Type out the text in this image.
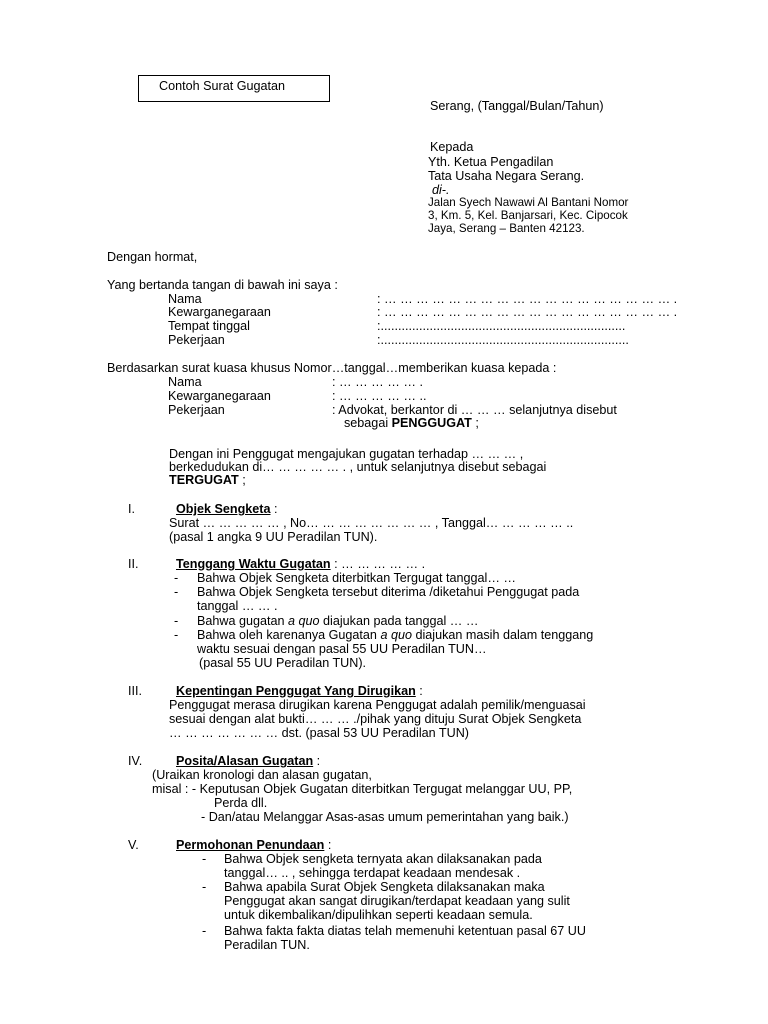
Contoh Surat Gugatan
Serang, (Tanggal/Bulan/Tahun)
Kepada
Yth. Ketua Pengadilan
Tata Usaha Negara Serang.
di-.
Jalan Syech Nawawi Al Bantani Nomor
3, Km. 5, Kel. Banjarsari, Kec. Cipocok
Jaya, Serang – Banten 42123.
Dengan hormat,
Yang bertanda tangan di bawah ini saya :
Nama	: … … … … … … … … … … … … … … … … … … .
Kewarganegaraan	: … … … … … … … … … … … … … … … … … … .
Tempat tinggal	:......................................................................
Pekerjaan	:.......................................................................
Berdasarkan surat kuasa khusus Nomor…tanggal…memberikan kuasa kepada :
Nama	: … … … … … .
Kewarganegaraan	: … … … … … ..
Pekerjaan	: Advokat, berkantor di … … … selanjutnya disebut
sebagai PENGGUGAT ;
Dengan ini Penggugat mengajukan gugatan terhadap … … … ,
berkedudukan di… … … … … . , untuk selanjutnya disebut sebagai
TERGUGAT ;
I.	Objek Sengketa :
Surat … … … … … , No… … … … … … … … , Tanggal… … … … … ..
(pasal 1 angka 9 UU Peradilan TUN).
II.	Tenggang Waktu Gugatan : … … … … … .
- Bahwa Objek Sengketa diterbitkan Tergugat tanggal… …
- Bahwa Objek Sengketa tersebut diterima /diketahui Penggugat pada
tanggal … … .
- Bahwa gugatan a quo diajukan pada tanggal … …
- Bahwa oleh karenanya Gugatan a quo diajukan masih dalam tenggang
waktu sesuai dengan pasal 55 UU Peradilan TUN…
(pasal 55 UU Peradilan TUN).
III.	Kepentingan Penggugat Yang Dirugikan :
Penggugat merasa dirugikan karena Penggugat adalah pemilik/menguasai
sesuai dengan alat bukti… … … ./pihak yang dituju Surat Objek Sengketa
… … … … … … … dst. (pasal 53 UU Peradilan TUN)
IV.	Posita/Alasan Gugatan :
(Uraikan kronologi dan alasan gugatan,
misal : - Keputusan Objek Gugatan diterbitkan Tergugat melanggar UU, PP,
Perda dll.
- Dan/atau Melanggar Asas-asas umum pemerintahan yang baik.)
V.	Permohonan Penundaan :
- Bahwa Objek sengketa ternyata akan dilaksanakan pada
tanggal… .. , sehingga terdapat keadaan mendesak .
- Bahwa apabila Surat Objek Sengketa dilaksanakan maka
Penggugat akan sangat dirugikan/terdapat keadaan yang sulit
untuk dikembalikan/dipulihkan seperti keadaan semula.
- Bahwa fakta fakta diatas telah memenuhi ketentuan pasal 67 UU
Peradilan TUN.
